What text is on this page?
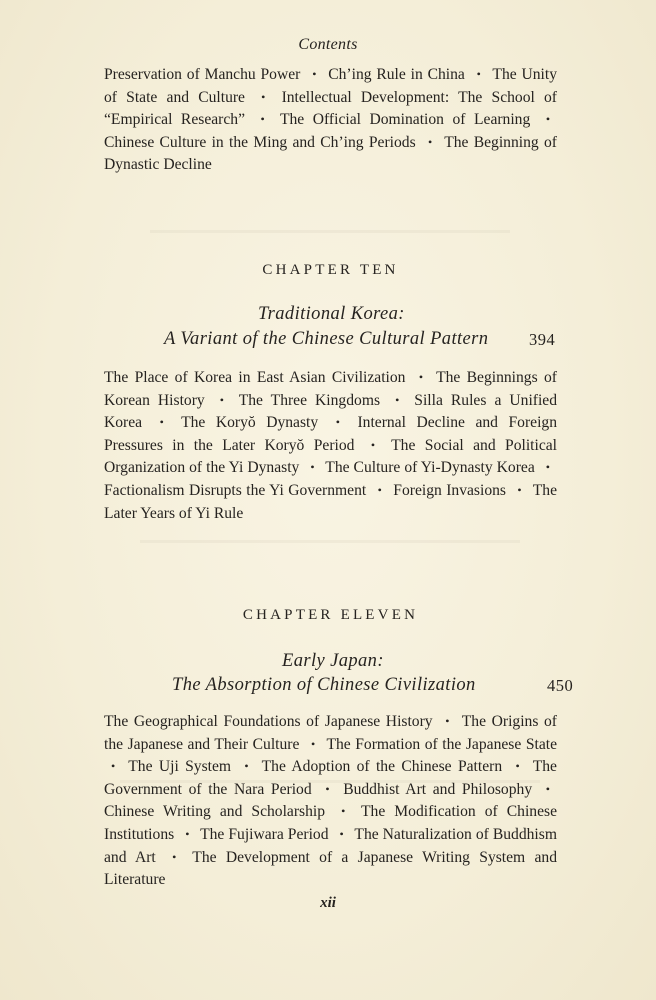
Contents
Preservation of Manchu Power • Ch’ing Rule in China • The Unity of State and Culture • Intellectual Development: The School of “Empirical Research” • The Official Domination of Learning • Chinese Culture in the Ming and Ch’ing Periods • The Beginning of Dynastic Decline
CHAPTER TEN
Traditional Korea:
A Variant of the Chinese Cultural Pattern 394
The Place of Korea in East Asian Civilization • The Beginnings of Korean History • The Three Kingdoms • Silla Rules a Unified Korea • The Koryŏ Dynasty • Internal Decline and Foreign Pressures in the Later Koryŏ Period • The Social and Political Organization of the Yi Dynasty • The Culture of Yi-Dynasty Korea • Factionalism Disrupts the Yi Government • Foreign Invasions • The Later Years of Yi Rule
CHAPTER ELEVEN
Early Japan:
The Absorption of Chinese Civilization	450
The Geographical Foundations of Japanese History • The Origins of the Japanese and Their Culture • The Formation of the Japanese State • The Uji System • The Adoption of the Chinese Pattern • The Government of the Nara Period • Buddhist Art and Philosophy • Chinese Writing and Scholarship • The Modification of Chinese Institutions • The Fujiwara Period • The Naturalization of Buddhism and Art • The Development of a Japanese Writing System and Literature
xii
